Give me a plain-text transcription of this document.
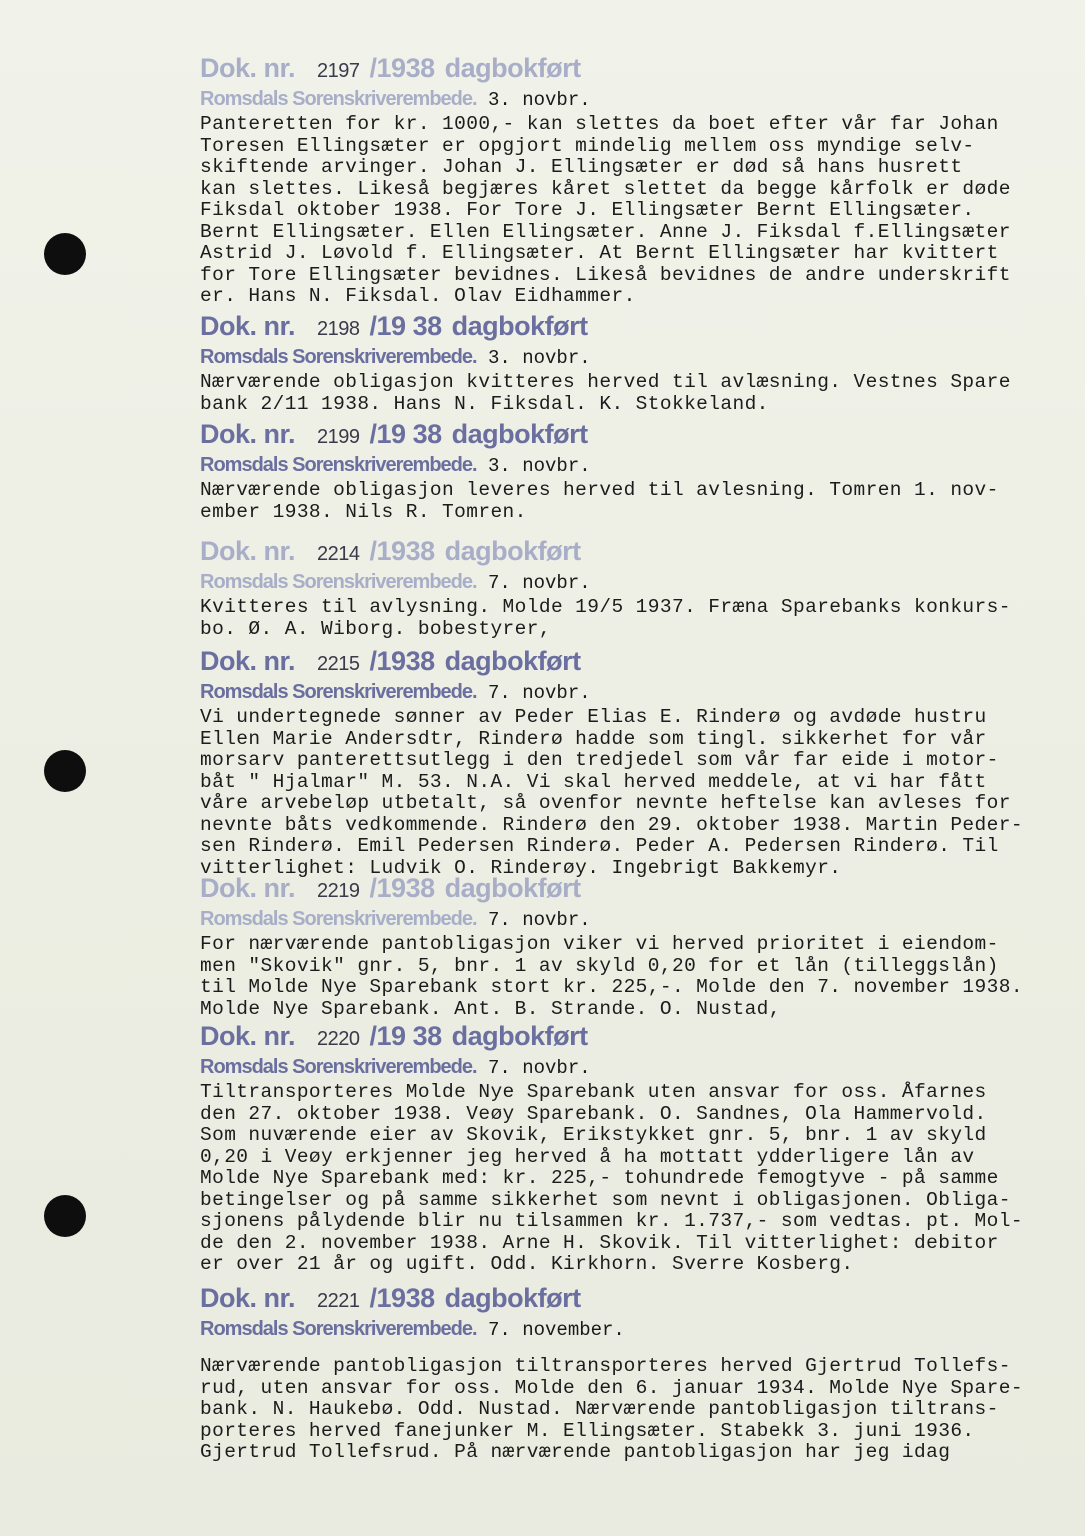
Dok. nr. 2197 /1938 dagbokført
Romsdals Sorenskriverembede. 3. novbr.
Panteretten for kr. 1000,- kan slettes da boet efter vår far Johan
Toresen Ellingsæter er opgjort mindelig mellem oss myndige selv-
skiftende arvinger. Johan J. Ellingsæter er død så hans husrett
kan slettes. Likeså begjæres kåret slettet da begge kårfolk er døde
Fiksdal oktober 1938. For Tore J. Ellingsæter Bernt Ellingsæter.
Bernt Ellingsæter. Ellen Ellingsæter. Anne J. Fiksdal f.Ellingsæter
Astrid J. Løvold f. Ellingsæter. At Bernt Ellingsæter har kvittert
for Tore Ellingsæter bevidnes. Likeså bevidnes de andre underskrift
er. Hans N. Fiksdal. Olav Eidhammer.
Dok. nr. 2198 /19 38 dagbokført
Romsdals Sorenskriverembede. 3. novbr.
Nærværende obligasjon kvitteres herved til avlæsning. Vestnes Spare
bank 2/11 1938. Hans N. Fiksdal. K. Stokkeland.
Dok. nr. 2199 /19 38 dagbokført
Romsdals Sorenskriverembede. 3. novbr.
Nærværende obligasjon leveres herved til avlesning. Tomren 1. nov-
ember 1938. Nils R. Tomren.
Dok. nr. 2214 /1938 dagbokført
Romsdals Sorenskriverembede. 7. novbr.
Kvitteres til avlysning. Molde 19/5 1937. Fræna Sparebanks konkurs-
bo. Ø. A. Wiborg. bobestyrer,
Dok. nr. 2215 /1938 dagbokført
Romsdals Sorenskriverembede. 7. novbr.
Vi undertegnede sønner av Peder Elias E. Rinderø og avdøde hustru
Ellen Marie Andersdtr, Rinderø hadde som tingl. sikkerhet for vår
morsarv panterettsutlegg i den tredjedel som vår far eide i motor-
båt " Hjalmar" M. 53. N.A. Vi skal herved meddele, at vi har fått
våre arvebeløp utbetalt, så ovenfor nevnte heftelse kan avleses for
nevnte båts vedkommende. Rinderø den 29. oktober 1938. Martin Peder-
sen Rinderø. Emil Pedersen Rinderø. Peder A. Pedersen Rinderø. Til
vitterlighet: Ludvik O. Rinderøy. Ingebrigt Bakkemyr.
Dok. nr. 2219 /1938 dagbokført
Romsdals Sorenskriverembede. 7. novbr.
For nærværende pantobligasjon viker vi herved prioritet i eiendom-
men "Skovik" gnr. 5, bnr. 1 av skyld 0,20 for et lån (tilleggslån)
til Molde Nye Sparebank stort kr. 225,-. Molde den 7. november 1938.
Molde Nye Sparebank. Ant. B. Strande. O. Nustad,
Dok. nr. 2220 /19 38 dagbokført
Romsdals Sorenskriverembede. 7. novbr.
Tiltransporteres Molde Nye Sparebank uten ansvar for oss. Åfarnes
den 27. oktober 1938. Veøy Sparebank. O. Sandnes, Ola Hammervold.
Som nuværende eier av Skovik, Erikstykket gnr. 5, bnr. 1 av skyld
0,20 i Veøy erkjenner jeg herved å ha mottatt ydderligere lån av
Molde Nye Sparebank med: kr. 225,- tohundrede femogtyve - på samme
betingelser og på samme sikkerhet som nevnt i obligasjonen. Obliga-
sjonens pålydende blir nu tilsammen kr. 1.737,- som vedtas. pt. Mol-
de den 2. november 1938. Arne H. Skovik. Til vitterlighet: debitor
er over 21 år og ugift. Odd. Kirkhorn. Sverre Kosberg.
Dok. nr. 2221 /1938 dagbokført
Romsdals Sorenskriverembede. 7. november.
Nærværende pantobligasjon tiltransporteres herved Gjertrud Tollefs-
rud, uten ansvar for oss. Molde den 6. januar 1934. Molde Nye Spare-
bank. N. Haukebø. Odd. Nustad. Nærværende pantobligasjon tiltrans-
porteres herved fanejunker M. Ellingsæter. Stabekk 3. juni 1936.
Gjertrud Tollefsrud. På nærværende pantobligasjon har jeg idag
